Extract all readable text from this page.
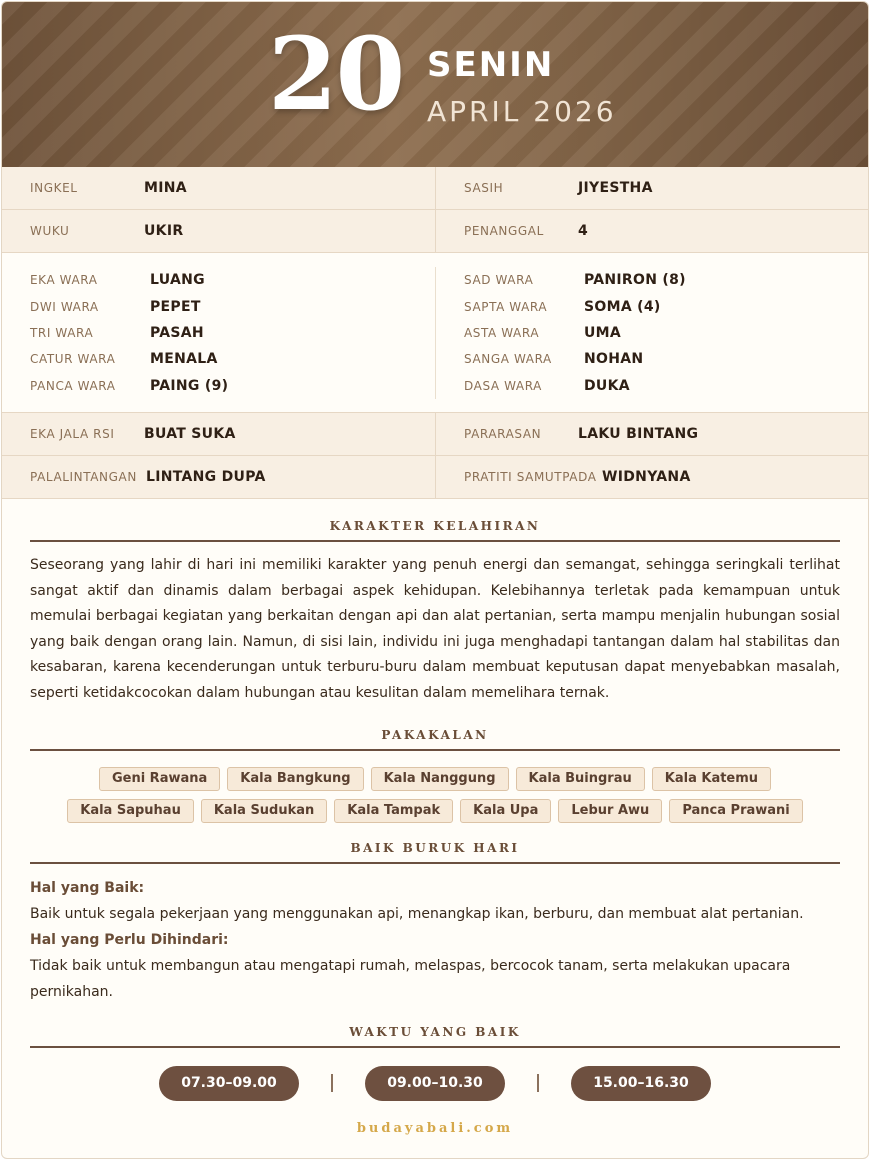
20 SENIN
APRIL 2026
INGKEL	MINA	SASIH	JIYESTHA
WUKU	UKIR	PENANGGAL	4
EKA WARA	LUANG
DWI WARA	PEPET
TRI WARA	PASAH
CATUR WARA	MENALA
PANCA WARA	PAING (9)
SAD WARA	PANIRON (8)
SAPTA WARA	SOMA (4)
ASTA WARA	UMA
SANGA WARA	NOHAN
DASA WARA	DUKA
EKA JALA RSI	BUAT SUKA	PARARASAN	LAKU BINTANG
PALALINTANGAN LINTANG DUPA	PRATITI SAMUTPADA WIDNYANA
KARAKTER KELAHIRAN

Seseorang yang lahir di hari ini memiliki karakter yang penuh energi dan semangat, sehingga seringkali terlihat sangat aktif dan dinamis dalam berbagai aspek kehidupan. Kelebihannya terletak pada kemampuan untuk memulai berbagai kegiatan yang berkaitan dengan api dan alat pertanian, serta mampu menjalin hubungan sosial yang baik dengan orang lain. Namun, di sisi lain, individu ini juga menghadapi tantangan dalam hal stabilitas dan kesabaran, karena kecenderungan untuk terburu-buru dalam membuat keputusan dapat menyebabkan masalah, seperti ketidakcocokan dalam hubungan atau kesulitan dalam memelihara ternak.

PAKAKALAN
Geni Rawana	Kala Bangkung	Kala Nanggung	Kala Buingrau	Kala Katemu
Kala Sapuhau	Kala Sudukan	Kala Tampak	Kala Upa	Lebur Awu	Panca Prawani
BAIK BURUK HARI
Hal yang Baik:
Baik untuk segala pekerjaan yang menggunakan api, menangkap ikan, berburu, dan membuat alat pertanian.
Hal yang Perlu Dihindari:
Tidak baik untuk membangun atau mengatapi rumah, melaspas, bercocok tanam, serta melakukan upacara pernikahan.
WAKTU YANG BAIK
07.30–09.00	09.00–10.30	15.00–16.30
budayabali.com
